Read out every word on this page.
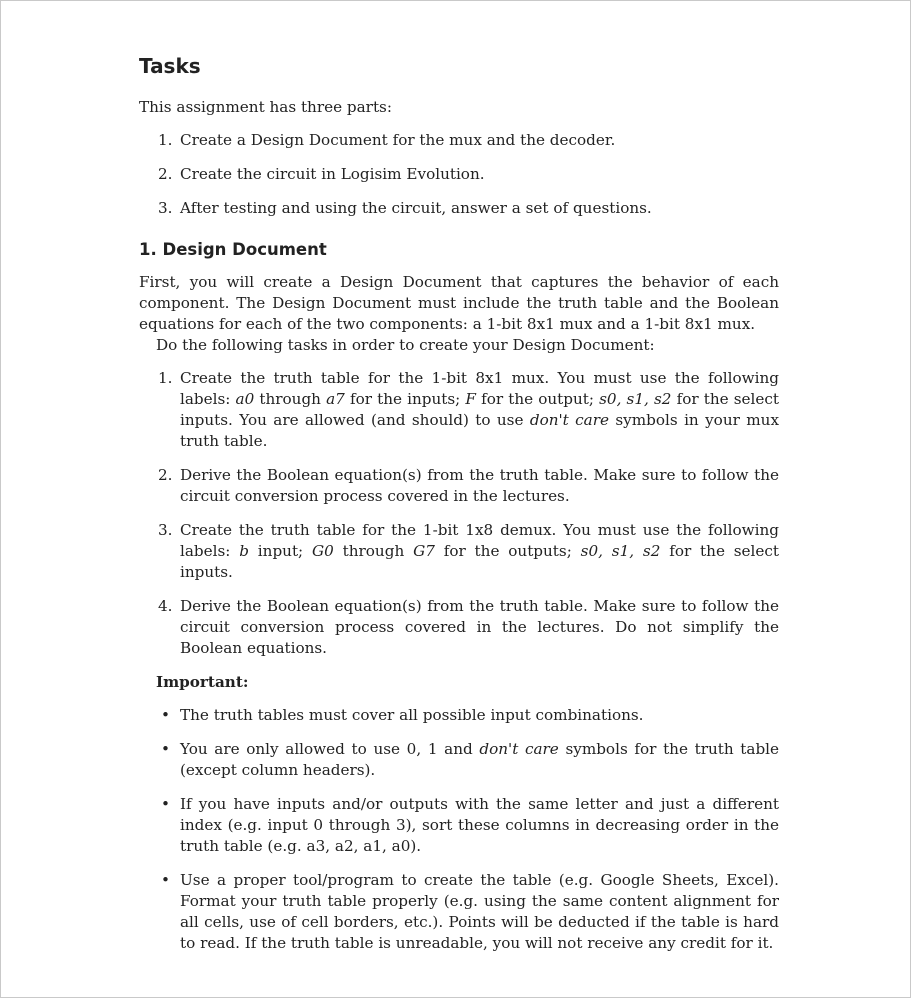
Tasks

This assignment has three parts:

1. Create a Design Document for the mux and the decoder.
2. Create the circuit in Logisim Evolution.
3. After testing and using the circuit, answer a set of questions.
1. Design Document

First, you will create a Design Document that captures the behavior of each component. The Design Document must include the truth table and the Boolean equations for each of the two components: a 1-bit 8x1 mux and a 1-bit 8x1 mux.

Do the following tasks in order to create your Design Document:

1. Create the truth table for the 1-bit 8x1 mux. You must use the following labels: a0 through a7 for the inputs; F for the output; s0, s1, s2 for the select inputs. You are allowed (and should) to use don't care symbols in your mux truth table.
2. Derive the Boolean equation(s) from the truth table. Make sure to follow the circuit conversion process covered in the lectures.
3. Create the truth table for the 1-bit 1x8 demux. You must use the following labels: b input; G0 through G7 for the outputs; s0, s1, s2 for the select inputs.
4. Derive the Boolean equation(s) from the truth table. Make sure to follow the circuit conversion process covered in the lectures. Do not simplify the Boolean equations.

Important:

• The truth tables must cover all possible input combinations.
• You are only allowed to use 0, 1 and don't care symbols for the truth table (except column headers).
• If you have inputs and/or outputs with the same letter and just a different index (e.g. input 0 through 3), sort these columns in decreasing order in the truth table (e.g. a3, a2, a1, a0).
• Use a proper tool/program to create the table (e.g. Google Sheets, Excel). Format your truth table properly (e.g. using the same content alignment for all cells, use of cell borders, etc.). Points will be deducted if the table is hard to read. If the truth table is unreadable, you will not receive any credit for it.
